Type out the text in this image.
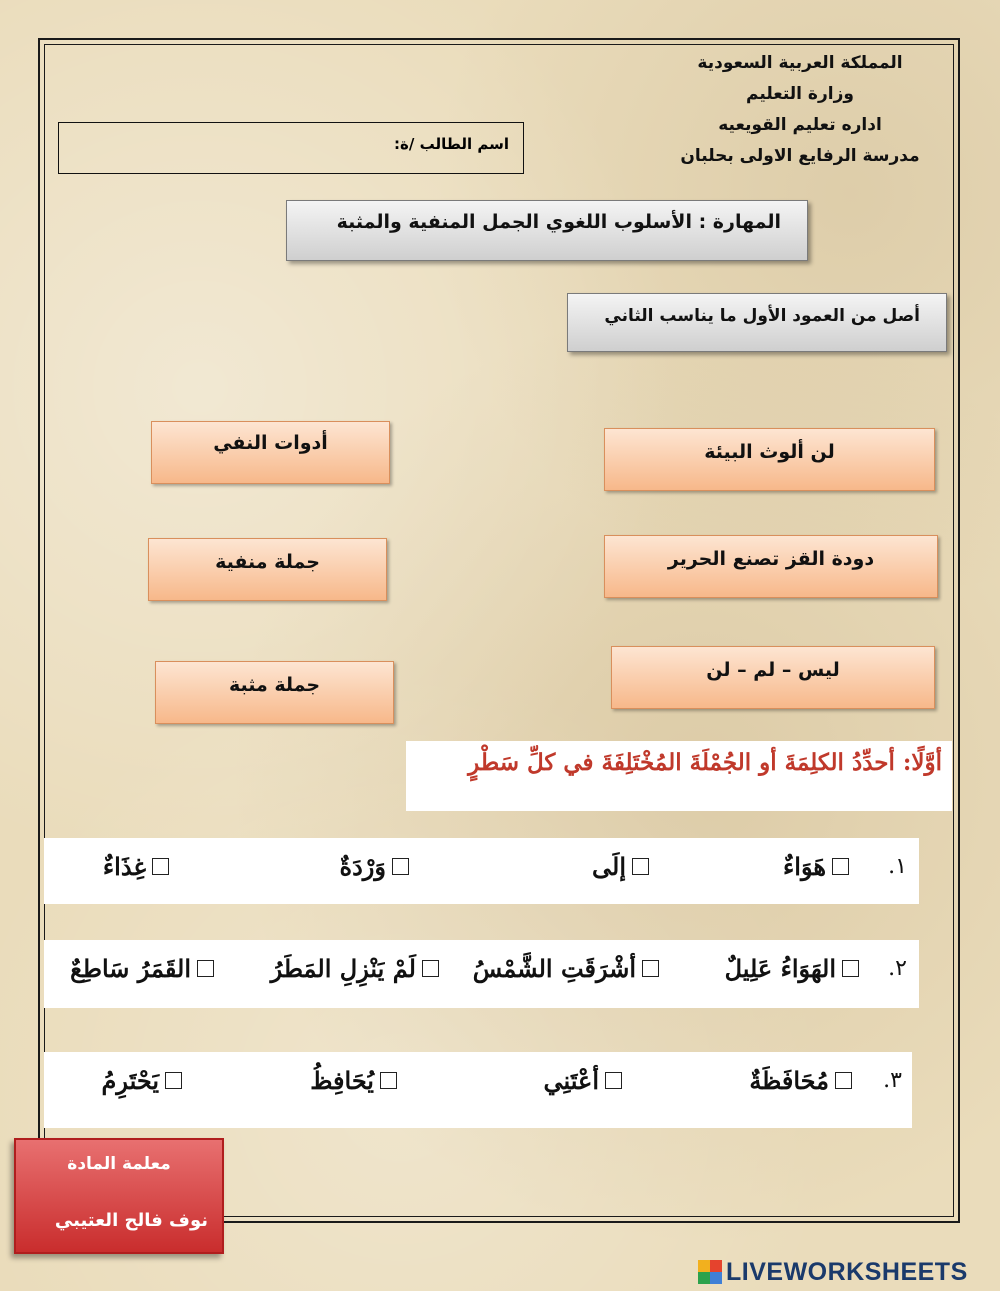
المملكة العربية السعودية
وزارة التعليم
اداره تعليم القويعيه
مدرسة الرفايع الاولى بحلبان
اسم الطالب /ة:
المهارة : الأسلوب اللغوي الجمل المنفية والمثبة
أصل من العمود الأول ما يناسب الثاني
لن ألوث البيئة
دودة القز تصنع الحرير
ليس – لم – لن
أدوات النفي
جملة منفية
جملة مثبة
أوَّلًا: أحدِّدُ الكلِمَةَ أو الجُمْلَةَ المُخْتَلِفَةَ في كلِّ سَطْرٍ
١.
هَوَاءٌ
إلَى
وَرْدَةٌ
غِذَاءٌ
٢.
الهَوَاءُ عَلِيلٌ
أشْرَقَتِ الشَّمْسُ
لَمْ يَنْزِلِ المَطَرُ
القَمَرُ سَاطِعٌ
٣.
مُحَافَظَةٌ
أعْتَنِي
يُحَافِظُ
يَحْتَرِمُ
معلمة المادة
نوف فالح العتيبي
LIVEWORKSHEETS
